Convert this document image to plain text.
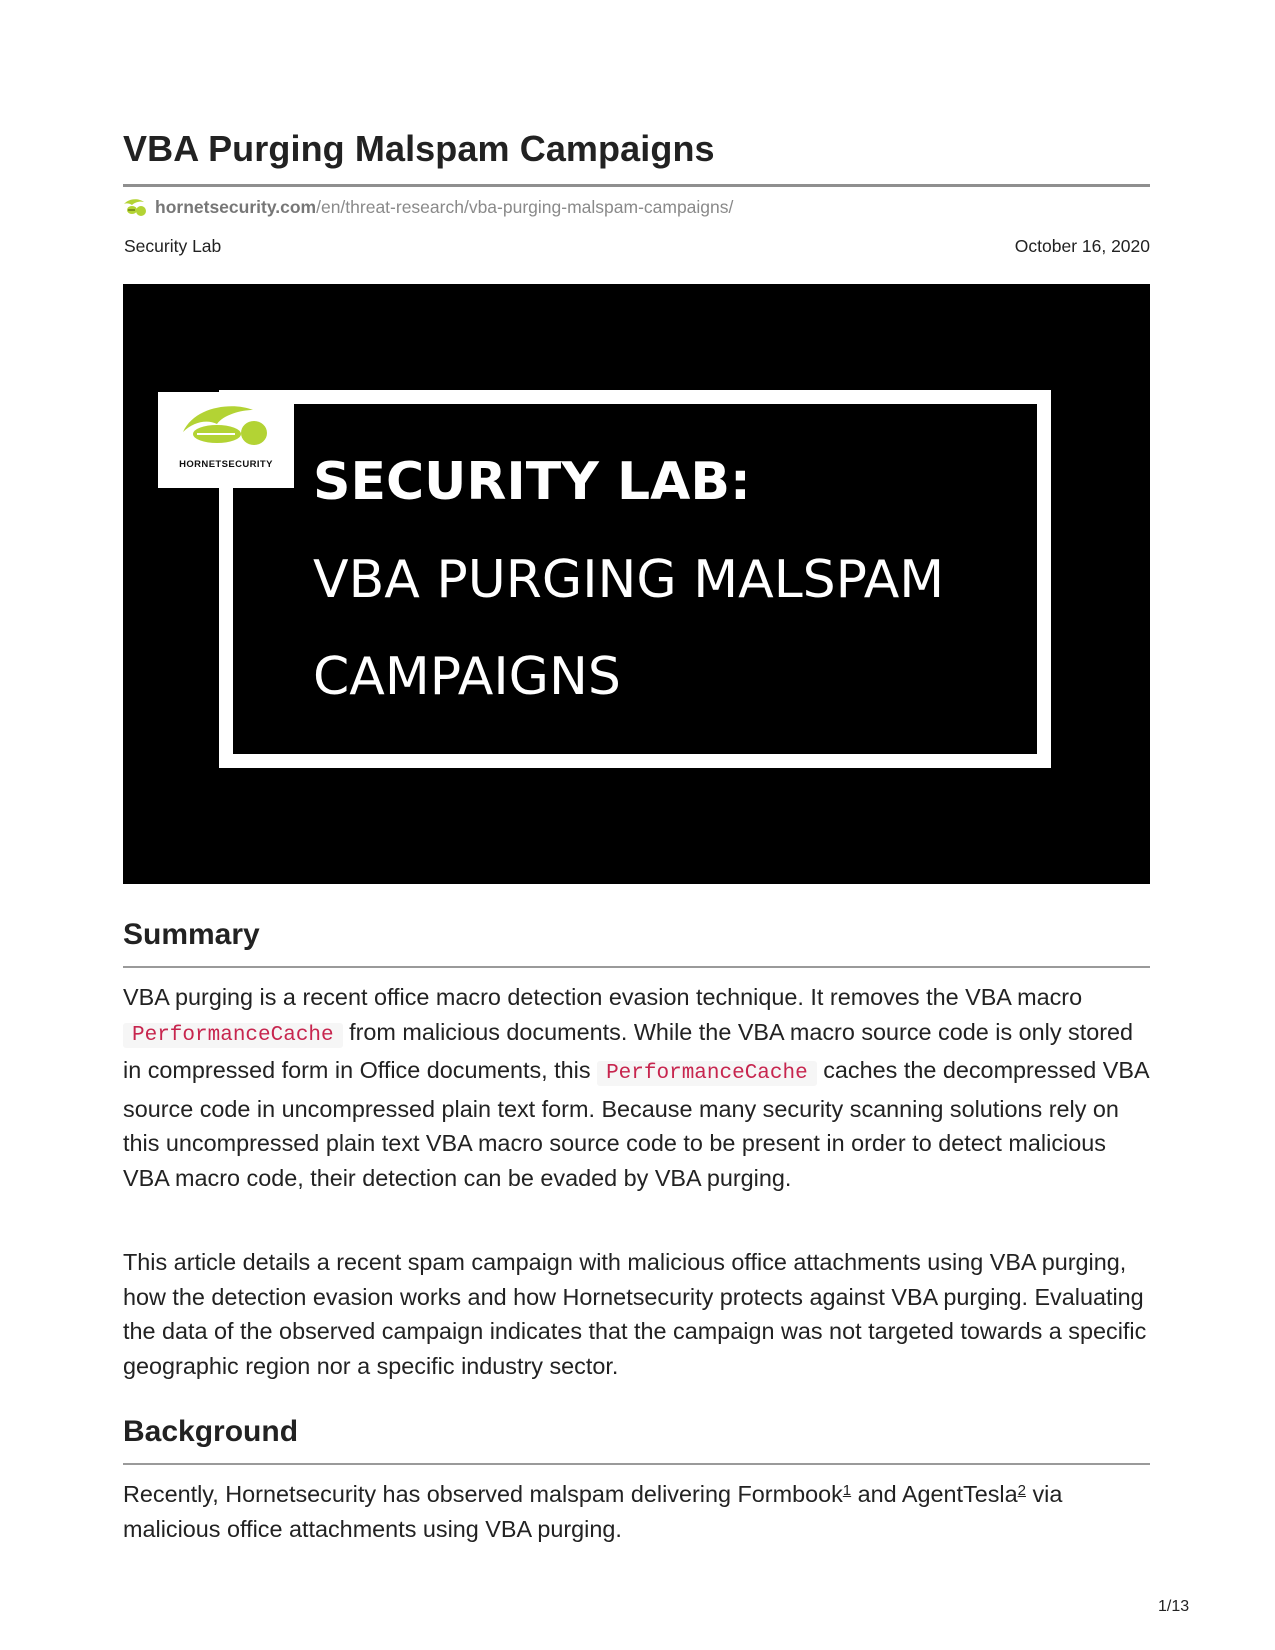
VBA Purging Malspam Campaigns
hornetsecurity.com /en/threat-research/vba-purging-malspam-campaigns/
Security Lab	October 16, 2020
HORNETSECURITY SECURITY LAB:
VBA PURGING MALSPAM
CAMPAIGNS
Summary

VBA purging is a recent office macro detection evasion technique. It removes the VBA macro PerformanceCache from malicious documents. While the VBA macro source code is only stored in compressed form in Office documents, this PerformanceCache caches the decompressed VBA source code in uncompressed plain text form. Because many security scanning solutions rely on this uncompressed plain text VBA macro source code to be present in order to detect malicious VBA macro code, their detection can be evaded by VBA purging.

This article details a recent spam campaign with malicious office attachments using VBA purging, how the detection evasion works and how Hornetsecurity protects against VBA purging. Evaluating the data of the observed campaign indicates that the campaign was not targeted towards a specific geographic region nor a specific industry sector.

Background

Recently, Hornetsecurity has observed malspam delivering Formbook$^1$ and AgentTesla$^2$ via malicious office attachments using VBA purging.

1/13
